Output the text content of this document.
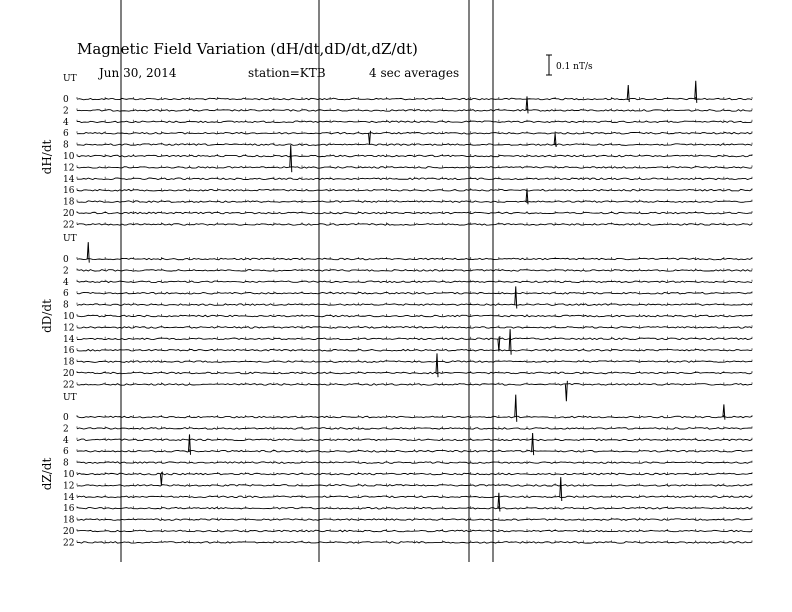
Magnetic Field Variation (dH/dt,dD/dt,dZ/dt)
Jun 30, 2014	station=KTB	4 sec averages	0.1 nT/s
UT
dH/dt
0
2
4
6
8
10
12
14
16
18
20
22
UT
dD/dt
0
2
4
6
8
10
12
14
16
18
20
22
UT
dZ/dt
0
2
4
6
8
10
12
14
16
18
20
22
